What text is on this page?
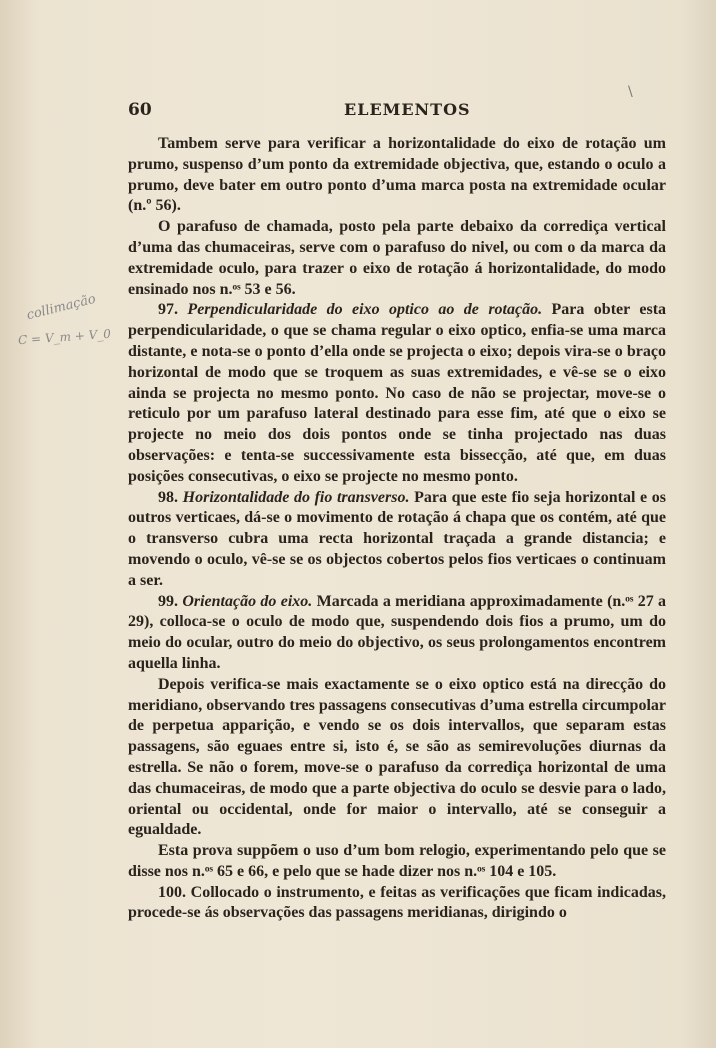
\
60	ELEMENTOS
collimação
C = V_m + V_0

Tambem serve para verificar a horizontalidade do eixo de rotação um prumo, suspenso d’um ponto da extremidade objectiva, que, estando o oculo a prumo, deve bater em outro ponto d’uma marca posta na extremidade ocular (n.º 56).

O parafuso de chamada, posto pela parte debaixo da corrediça vertical d’uma das chumaceiras, serve com o parafuso do nivel, ou com o da marca da extremidade oculo, para trazer o eixo de rotação á horizontalidade, do modo ensinado nos n.ᵒˢ 53 e 56.

97. Perpendicularidade do eixo optico ao de rotação. Para obter esta perpendicularidade, o que se chama regular o eixo optico, enfia-se uma marca distante, e nota-se o ponto d’ella onde se projecta o eixo; depois vira-se o braço horizontal de modo que se troquem as suas extremidades, e vê-se se o eixo ainda se projecta no mesmo ponto. No caso de não se projectar, move-se o reticulo por um parafuso lateral destinado para esse fim, até que o eixo se projecte no meio dos dois pontos onde se tinha projectado nas duas observações: e tenta-se successivamente esta bissecção, até que, em duas posições consecutivas, o eixo se projecte no mesmo ponto.

98. Horizontalidade do fio transverso. Para que este fio seja horizontal e os outros verticaes, dá-se o movimento de rotação á chapa que os contém, até que o transverso cubra uma recta horizontal traçada a grande distancia; e movendo o oculo, vê-se se os objectos cobertos pelos fios verticaes o continuam a ser.

99. Orientação do eixo. Marcada a meridiana approximadamente (n.ᵒˢ 27 a 29), colloca-se o oculo de modo que, suspendendo dois fios a prumo, um do meio do ocular, outro do meio do objectivo, os seus prolongamentos encontrem aquella linha.

Depois verifica-se mais exactamente se o eixo optico está na direcção do meridiano, observando tres passagens consecutivas d’uma estrella circumpolar de perpetua apparição, e vendo se os dois intervallos, que separam estas passagens, são eguaes entre si, isto é, se são as semirevoluções diurnas da estrella. Se não o forem, move-se o parafuso da corrediça horizontal de uma das chumaceiras, de modo que a parte objectiva do oculo se desvie para o lado, oriental ou occidental, onde for maior o intervallo, até se conseguir a egualdade.

Esta prova suppõem o uso d’um bom relogio, experimentando pelo que se disse nos n.ᵒˢ 65 e 66, e pelo que se hade dizer nos n.ᵒˢ 104 e 105.

100. Collocado o instrumento, e feitas as verificações que ficam indicadas, procede-se ás observações das passagens meridianas, dirigindo o
